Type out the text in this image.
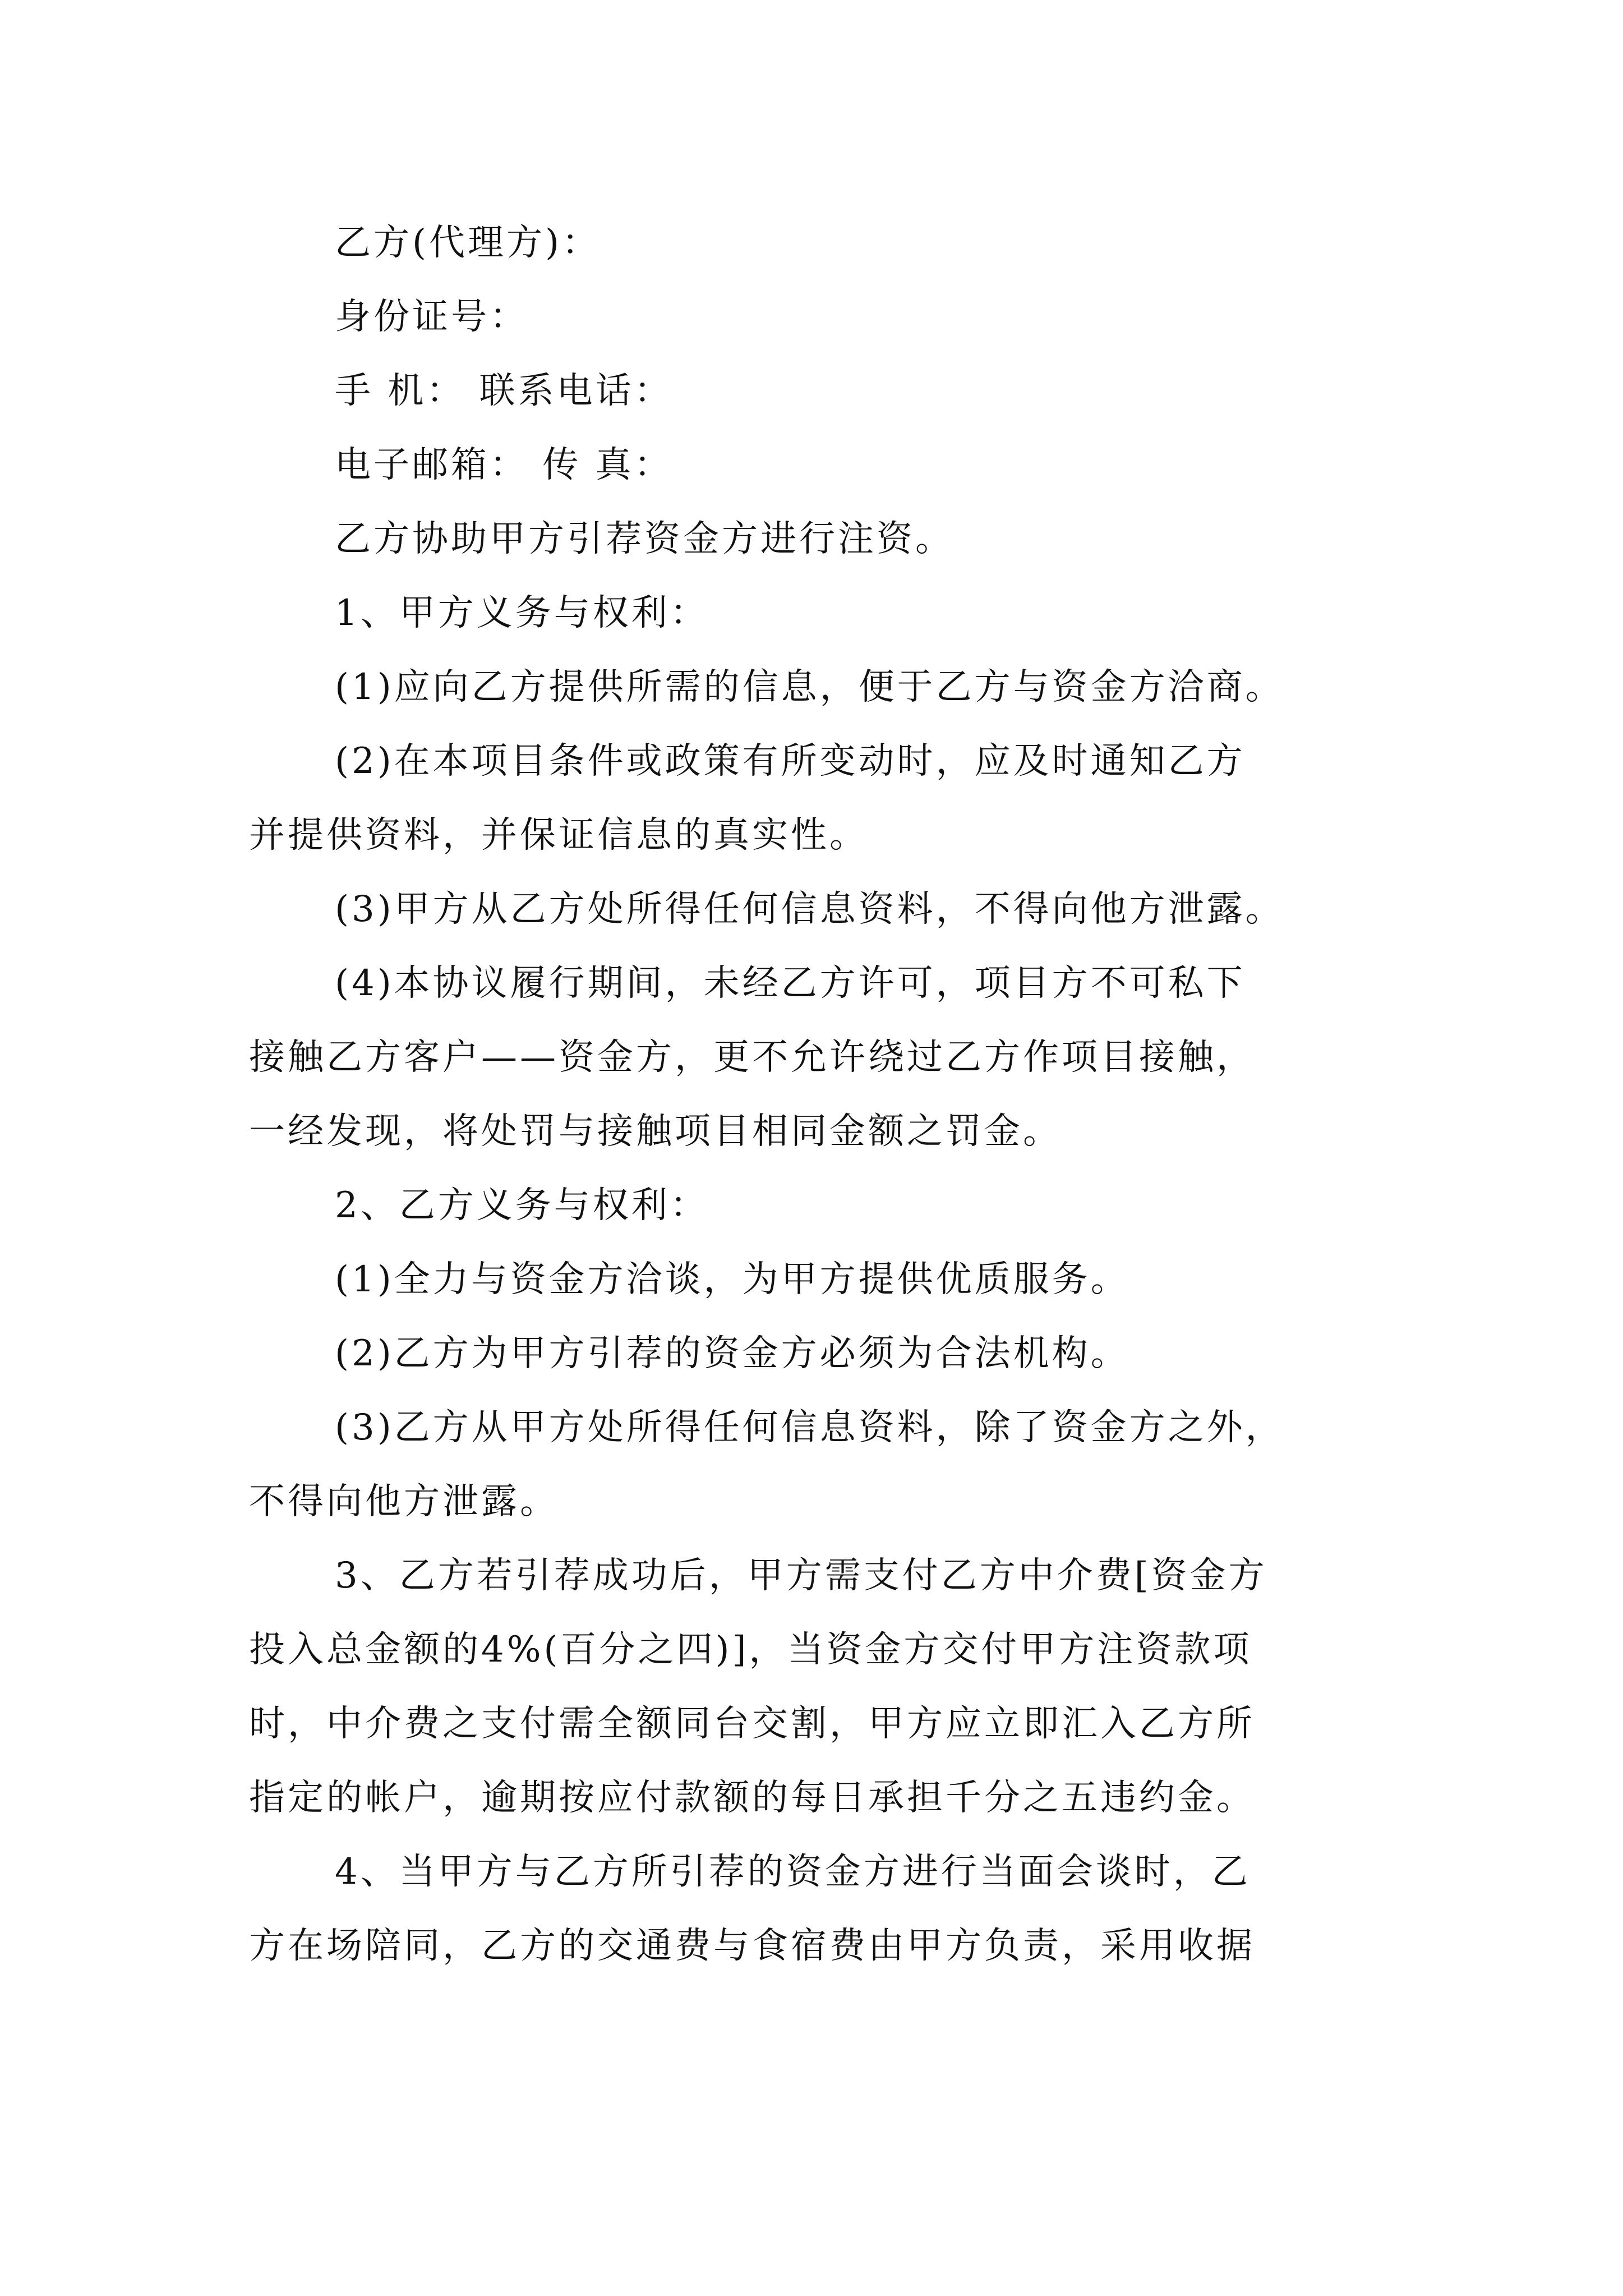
乙方(代理方)：
身份证号：
手 机： 联系电话：
电子邮箱： 传 真：
乙方协助甲方引荐资金方进行注资。
1、甲方义务与权利：
(1)应向乙方提供所需的信息，便于乙方与资金方洽商。
(2)在本项目条件或政策有所变动时，应及时通知乙方
并提供资料，并保证信息的真实性。
(3)甲方从乙方处所得任何信息资料，不得向他方泄露。
(4)本协议履行期间，未经乙方许可，项目方不可私下
接触乙方客户——资金方，更不允许绕过乙方作项目接触，
一经发现，将处罚与接触项目相同金额之罚金。
2、乙方义务与权利：
(1)全力与资金方洽谈，为甲方提供优质服务。
(2)乙方为甲方引荐的资金方必须为合法机构。
(3)乙方从甲方处所得任何信息资料，除了资金方之外，
不得向他方泄露。
3、乙方若引荐成功后，甲方需支付乙方中介费[资金方
投入总金额的4%(百分之四)]，当资金方交付甲方注资款项
时，中介费之支付需全额同台交割，甲方应立即汇入乙方所
指定的帐户，逾期按应付款额的每日承担千分之五违约金。
4、当甲方与乙方所引荐的资金方进行当面会谈时，乙
方在场陪同，乙方的交通费与食宿费由甲方负责，采用收据
